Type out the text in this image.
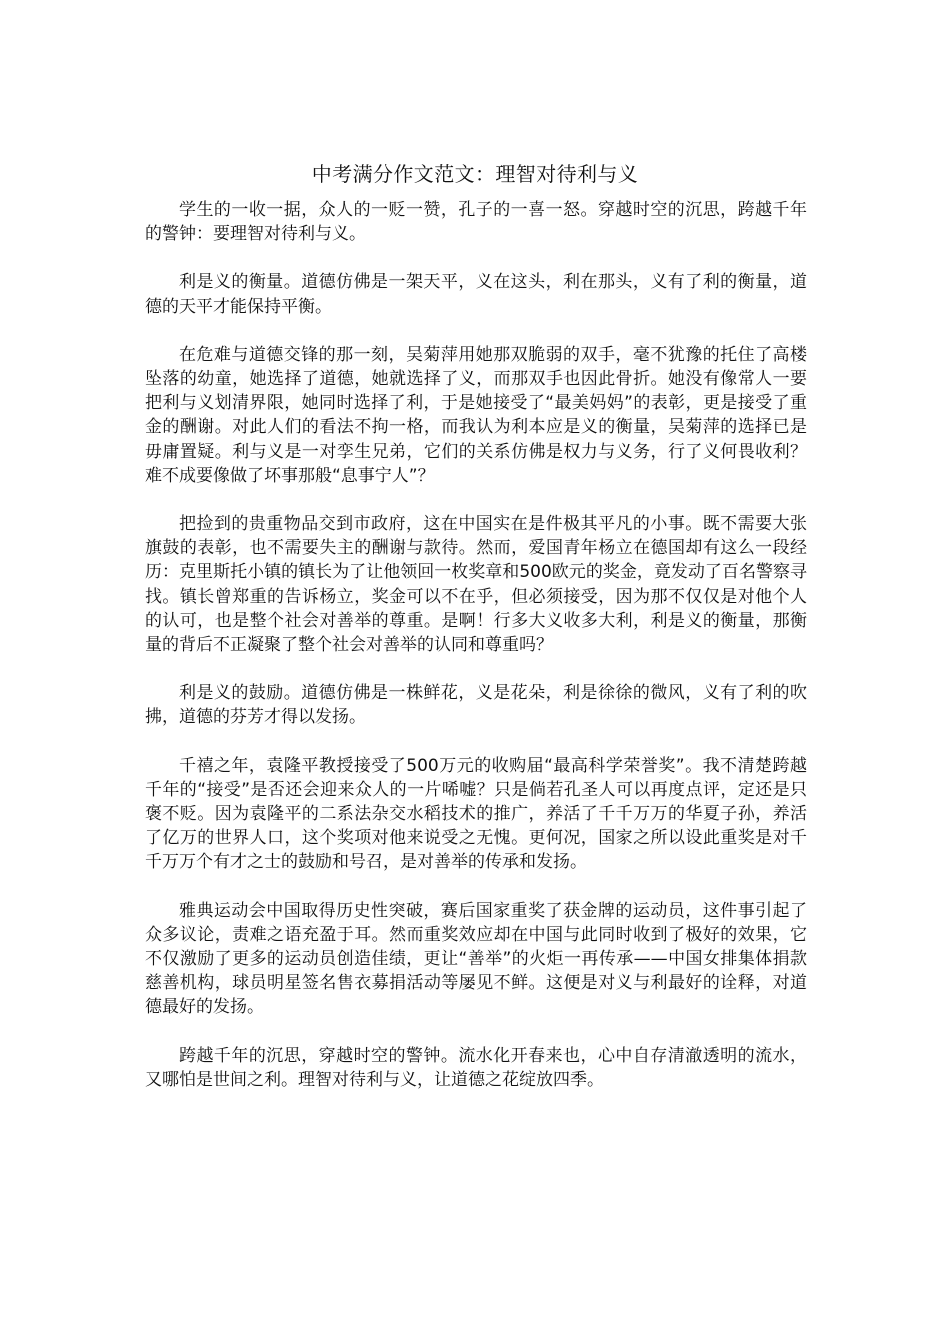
中考满分作文范文：理智对待利与义

学生的一收一据，众人的一贬一赞，孔子的一喜一怒。穿越时空的沉思，跨越千年的警钟：要理智对待利与义。

利是义的衡量。道德仿佛是一架天平，义在这头，利在那头，义有了利的衡量，道德的天平才能保持平衡。

在危难与道德交锋的那一刻，吴菊萍用她那双脆弱的双手，毫不犹豫的托住了高楼坠落的幼童，她选择了道德，她就选择了义，而那双手也因此骨折。她没有像常人一要把利与义划清界限，她同时选择了利，于是她接受了“最美妈妈”的表彰，更是接受了重金的酬谢。对此人们的看法不拘一格，而我认为利本应是义的衡量，吴菊萍的选择已是毋庸置疑。利与义是一对孪生兄弟，它们的关系仿佛是权力与义务，行了义何畏收利？难不成要像做了坏事那般“息事宁人”？

把捡到的贵重物品交到市政府，这在中国实在是件极其平凡的小事。既不需要大张旗鼓的表彰，也不需要失主的酬谢与款待。然而，爱国青年杨立在德国却有这么一段经历：克里斯托小镇的镇长为了让他领回一枚奖章和500欧元的奖金，竟发动了百名警察寻找。镇长曾郑重的告诉杨立，奖金可以不在乎，但必须接受，因为那不仅仅是对他个人的认可，也是整个社会对善举的尊重。是啊！行多大义收多大利，利是义的衡量，那衡量的背后不正凝聚了整个社会对善举的认同和尊重吗？

利是义的鼓励。道德仿佛是一株鲜花，义是花朵，利是徐徐的微风，义有了利的吹拂，道德的芬芳才得以发扬。

千禧之年，袁隆平教授接受了500万元的收购届“最高科学荣誉奖”。我不清楚跨越千年的“接受”是否还会迎来众人的一片唏嘘？只是倘若孔圣人可以再度点评，定还是只褒不贬。因为袁隆平的二系法杂交水稻技术的推广，养活了千千万万的华夏子孙，养活了亿万的世界人口，这个奖项对他来说受之无愧。更何况，国家之所以设此重奖是对千千万万个有才之士的鼓励和号召，是对善举的传承和发扬。

雅典运动会中国取得历史性突破，赛后国家重奖了获金牌的运动员，这件事引起了众多议论，责难之语充盈于耳。然而重奖效应却在中国与此同时收到了极好的效果，它不仅激励了更多的运动员创造佳绩，更让“善举”的火炬一再传承——中国女排集体捐款慈善机构，球员明星签名售衣募捐活动等屡见不鲜。这便是对义与利最好的诠释，对道德最好的发扬。

跨越千年的沉思，穿越时空的警钟。流水化开春来也，心中自存清澈透明的流水，又哪怕是世间之利。理智对待利与义，让道德之花绽放四季。
